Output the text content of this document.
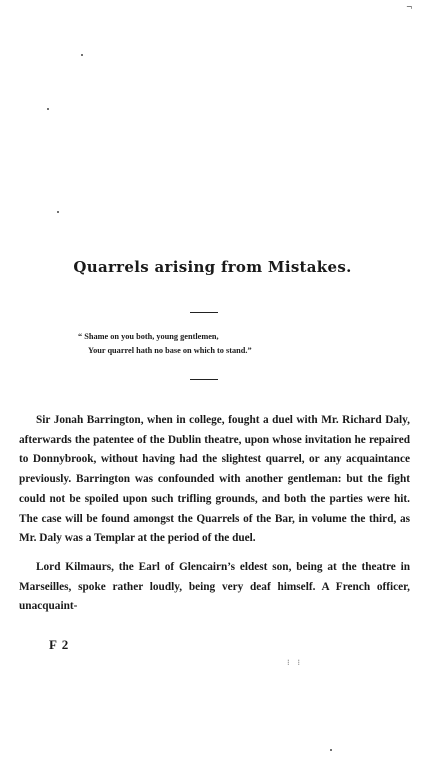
¬
Quarrels arising from Mistakes.
“ Shame on you both, young gentlemen,
Your quarrel hath no base on which to stand.”

Sir Jonah Barrington, when in college, fought a duel with Mr. Richard Daly, afterwards the patentee of the Dublin theatre, upon whose invitation he repaired to Donnybrook, without having had the slightest quarrel, or any acquaintance previously. Barrington was confounded with another gentleman: but the fight could not be spoiled upon such trifling grounds, and both the parties were hit. The case will be found amongst the Quarrels of the Bar, in volume the third, as Mr. Daly was a Templar at the period of the duel.

Lord Kilmaurs, the Earl of Glencairn’s eldest son, being at the theatre in Marseilles, spoke rather loudly, being very deaf himself. A French officer, unacquaint-

F 2
⁝ ⁝
